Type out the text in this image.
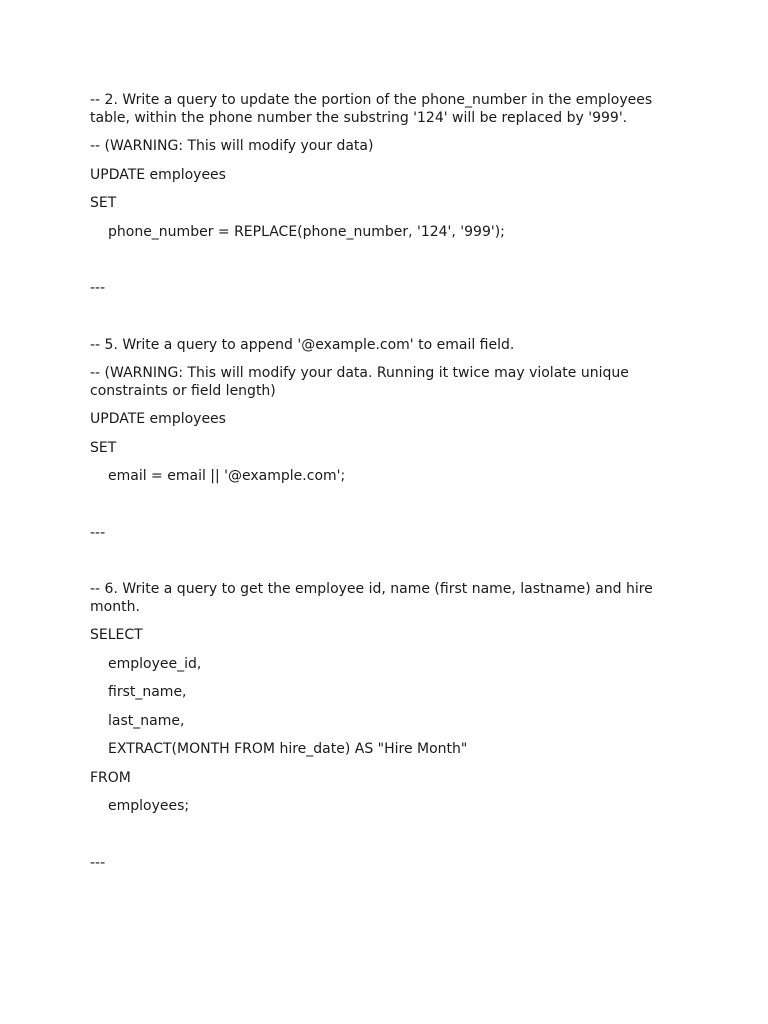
-- 2. Write a query to update the portion of the phone_number in the employees table, within the phone number the substring '124' will be replaced by '999'.
-- (WARNING: This will modify your data)
UPDATE employees
SET
phone_number = REPLACE(phone_number, '124', '999');
---
-- 5. Write a query to append '@example.com' to email field.
-- (WARNING: This will modify your data. Running it twice may violate unique constraints or field length)
UPDATE employees
SET
email = email || '@example.com';
---
-- 6. Write a query to get the employee id, name (first name, lastname) and hire month.
SELECT
employee_id,
first_name,
last_name,
EXTRACT(MONTH FROM hire_date) AS "Hire Month"
FROM
employees;
---
